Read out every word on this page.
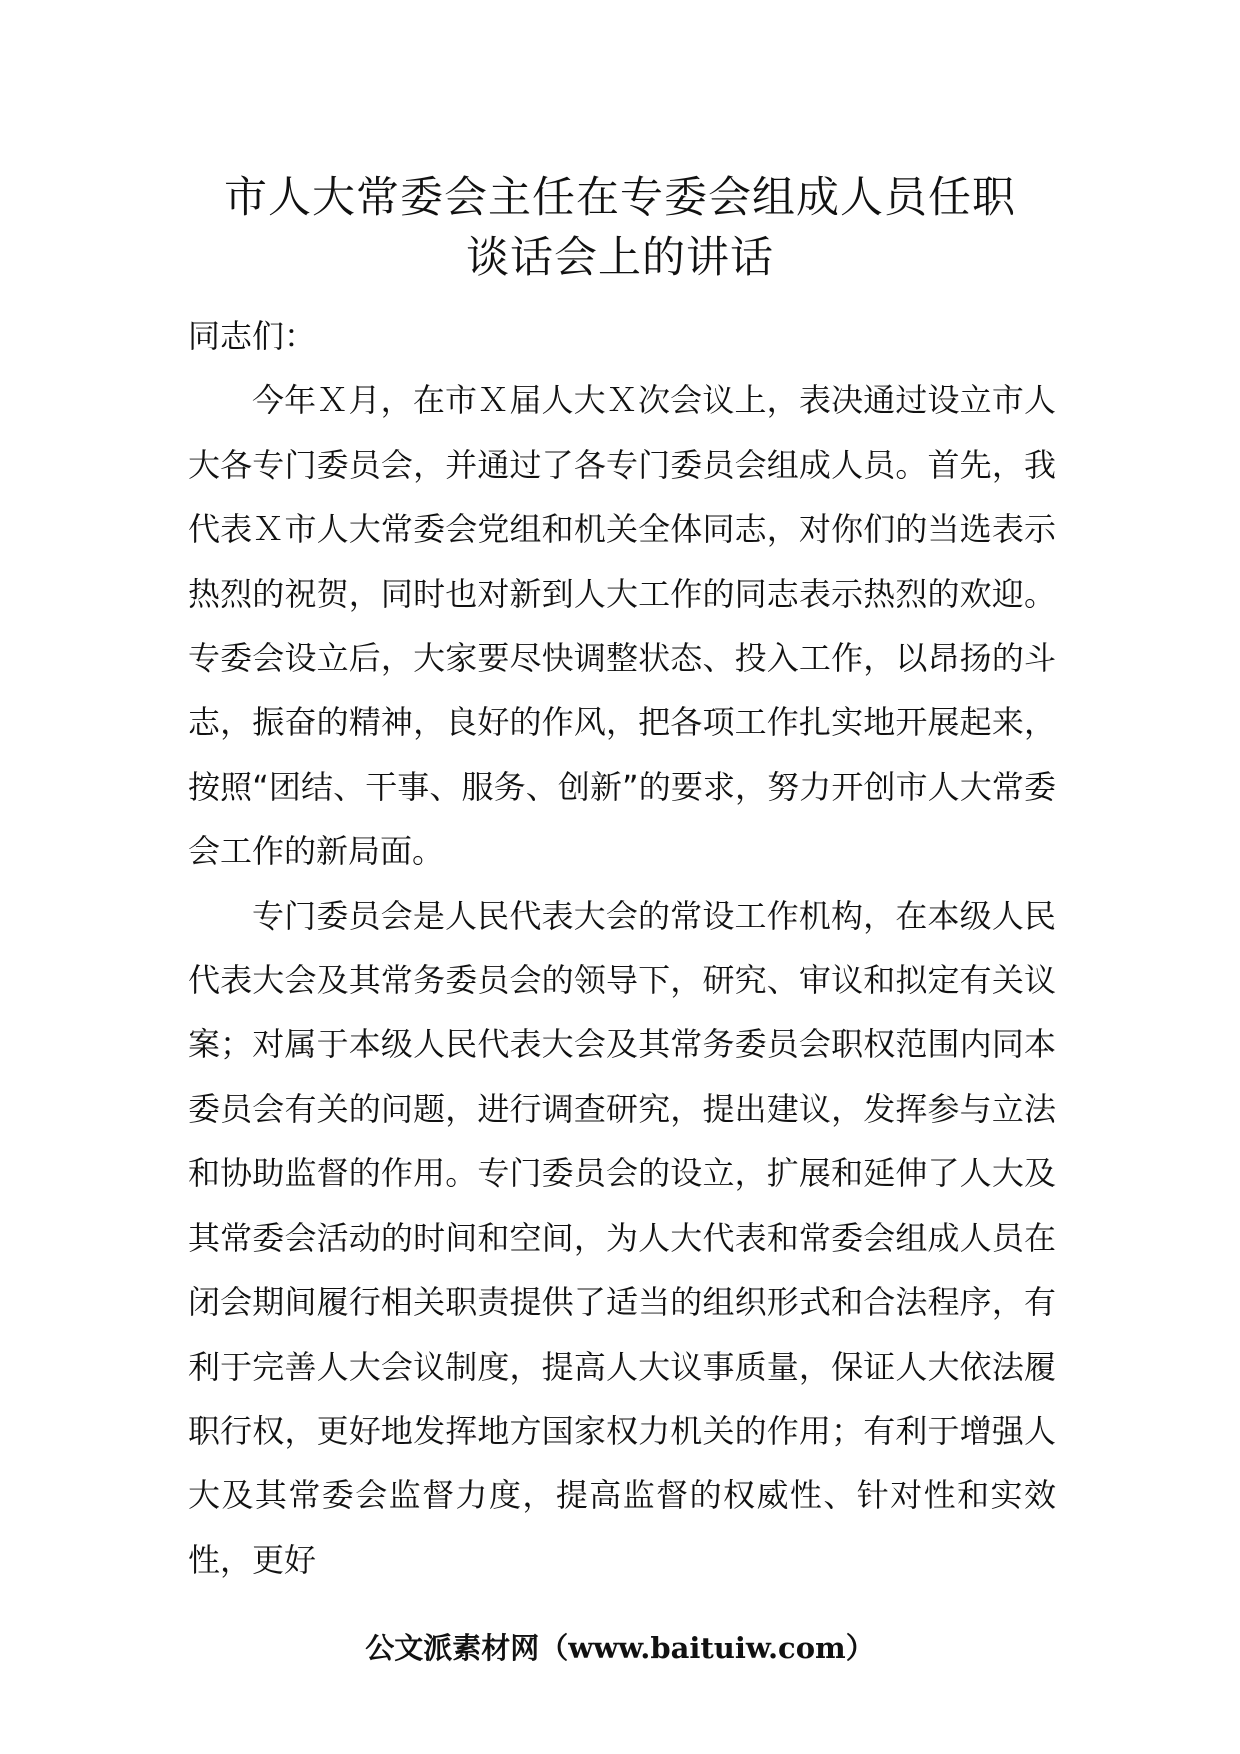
市人大常委会主任在专委会组成人员任职
谈话会上的讲话

同志们：

今年Ｘ月，在市Ｘ届人大Ｘ次会议上，表决通过设立市人大各专门委员会，并通过了各专门委员会组成人员。首先，我代表Ｘ市人大常委会党组和机关全体同志，对你们的当选表示热烈的祝贺，同时也对新到人大工作的同志表示热烈的欢迎。专委会设立后，大家要尽快调整状态、投入工作，以昂扬的斗志，振奋的精神，良好的作风，把各项工作扎实地开展起来，按照“团结、干事、服务、创新”的要求，努力开创市人大常委会工作的新局面。

专门委员会是人民代表大会的常设工作机构，在本级人民代表大会及其常务委员会的领导下，研究、审议和拟定有关议案；对属于本级人民代表大会及其常务委员会职权范围内同本委员会有关的问题，进行调查研究，提出建议，发挥参与立法和协助监督的作用。专门委员会的设立，扩展和延伸了人大及其常委会活动的时间和空间，为人大代表和常委会组成人员在闭会期间履行相关职责提供了适当的组织形式和合法程序，有利于完善人大会议制度，提高人大议事质量，保证人大依法履职行权，更好地发挥地方国家权力机关的作用；有利于增强人大及其常委会监督力度，提高监督的权威性、针对性和实效性，更好

公文派素材网（www.baituiw.com）
